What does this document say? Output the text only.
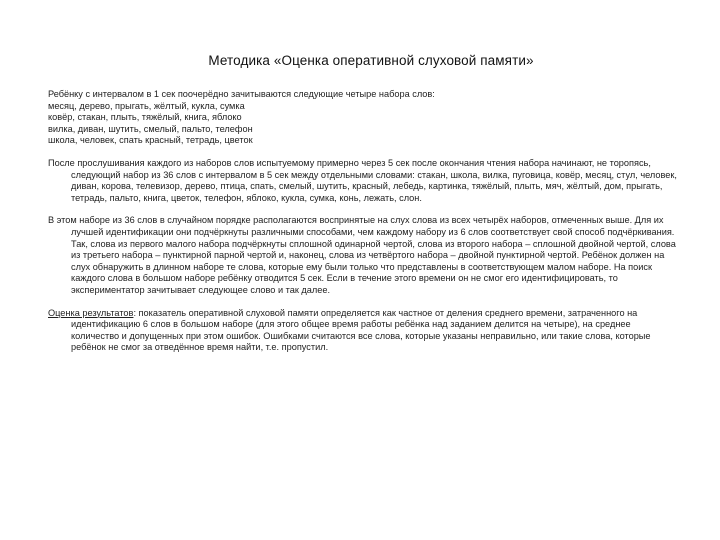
Методика «Оценка оперативной слуховой памяти»
Ребёнку с интервалом в 1 сек поочерёдно зачитываются следующие четыре набора слов:
месяц, дерево, прыгать, жёлтый, кукла, сумка
ковёр, стакан, плыть, тяжёлый, книга, яблоко
вилка, диван, шутить, смелый, пальто, телефон
школа, человек, спать красный, тетрадь, цветок
После прослушивания каждого из наборов слов испытуемому примерно через 5 сек после окончания чтения набора начинают, не торопясь, следующий набор из 36 слов с интервалом в 5 сек между отдельными словами: стакан, школа, вилка, пуговица, ковёр, месяц, стул, человек, диван, корова, телевизор, дерево, птица, спать, смелый, шутить, красный, лебедь, картинка, тяжёлый, плыть, мяч, жёлтый, дом, прыгать, тетрадь, пальто, книга, цветок, телефон, яблоко, кукла, сумка, конь, лежать, слон.
В этом наборе из 36 слов в случайном порядке располагаются воспринятые на слух слова из всех четырёх наборов, отмеченных выше. Для их лучшей идентификации они подчёркнуты различными способами, чем каждому набору из 6 слов соответствует свой способ подчёркивания. Так, слова из первого малого набора подчёркнуты сплошной одинарной чертой, слова из второго набора – сплошной двойной чертой, слова из третьего набора – пунктирной парной чертой и, наконец, слова из четвёртого набора – двойной пунктирной чертой. Ребёнок должен на слух обнаружить в длинном наборе те слова, которые ему были только что представлены в соответствующем малом наборе. На поиск каждого слова в большом наборе ребёнку отводится 5 сек. Если в течение этого времени он не смог его идентифицировать, то экспериментатор зачитывает следующее слово и так далее.
Оценка результатов: показатель оперативной слуховой памяти определяется как частное от деления среднего времени, затраченного на идентификацию 6 слов в большом наборе (для этого общее время работы ребёнка над заданием делится на четыре), на среднее количество и допущенных при этом ошибок. Ошибками считаются все слова, которые указаны неправильно, или такие слова, которые ребёнок не смог за отведённое время найти, т.е. пропустил.
